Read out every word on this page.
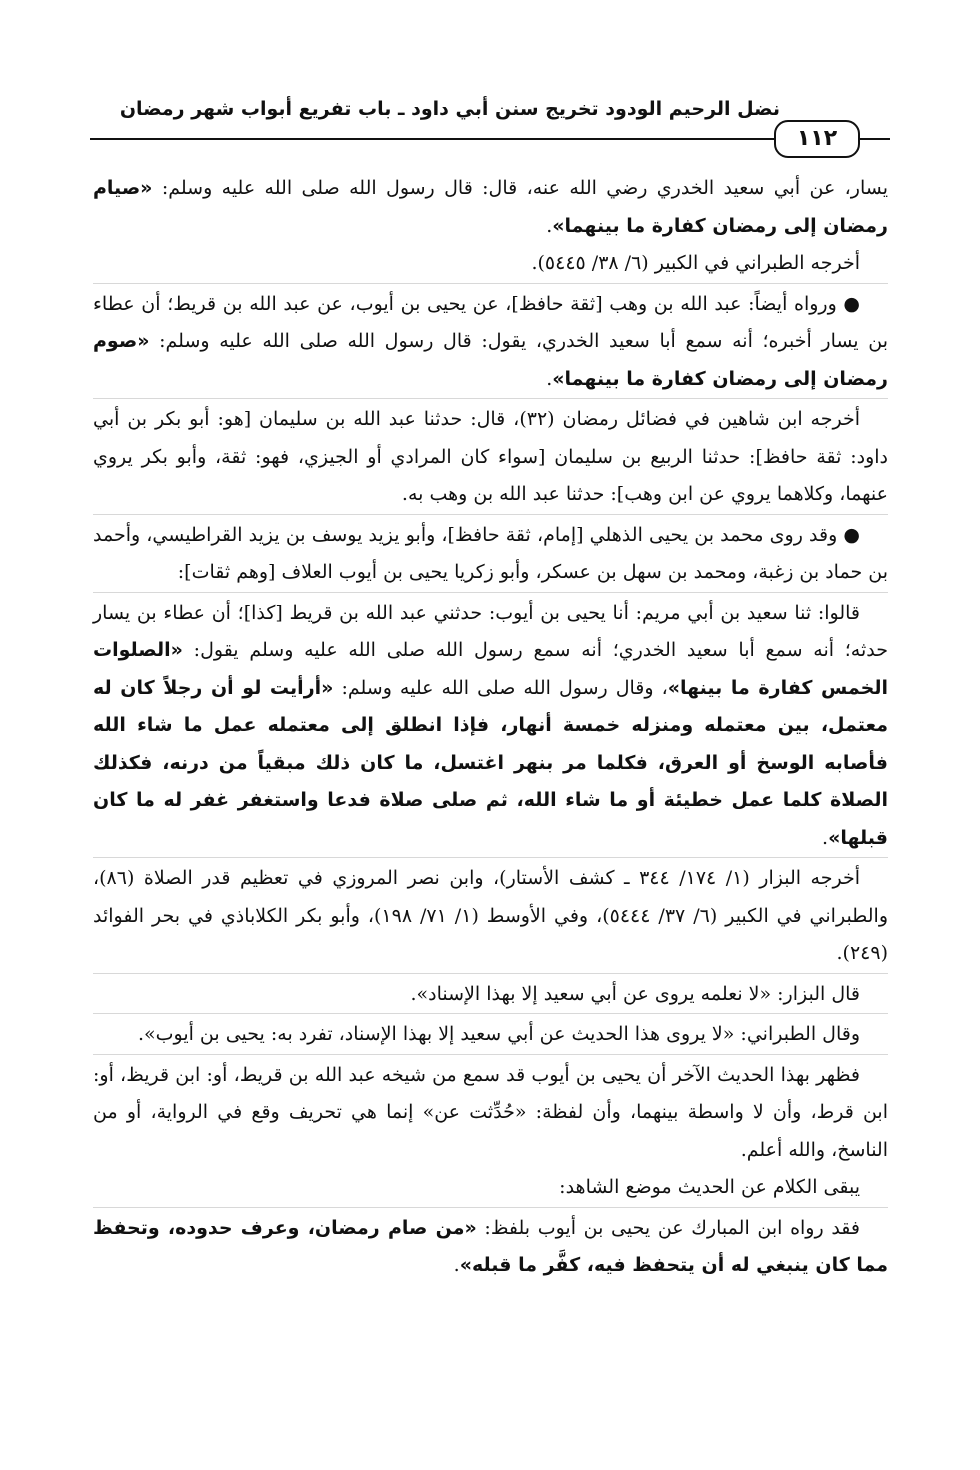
نضل الرحيم الودود تخريج سنن أبي داود ـ باب تفريع أبواب شهر رمضان
١١٢

يسار، عن أبي سعيد الخدري رضي الله عنه، قال: قال رسول الله صلى الله عليه وسلم: «صيام رمضان إلى رمضان كفارة ما بينهما».

أخرجه الطبراني في الكبير (٦/ ٣٨/ ٥٤٤٥).

● ورواه أيضاً: عبد الله بن وهب [ثقة حافظ]، عن يحيى بن أيوب، عن عبد الله بن قريط؛ أن عطاء بن يسار أخبره؛ أنه سمع أبا سعيد الخدري، يقول: قال رسول الله صلى الله عليه وسلم: «صوم رمضان إلى رمضان كفارة ما بينهما».

أخرجه ابن شاهين في فضائل رمضان (٣٢)، قال: حدثنا عبد الله بن سليمان [هو: أبو بكر بن أبي داود: ثقة حافظ]: حدثنا الربيع بن سليمان [سواء كان المرادي أو الجيزي، فهو: ثقة، وأبو بكر يروي عنهما، وكلاهما يروي عن ابن وهب]: حدثنا عبد الله بن وهب به.

● وقد روى محمد بن يحيى الذهلي [إمام، ثقة حافظ]، وأبو يزيد يوسف بن يزيد القراطيسي، وأحمد بن حماد بن زغبة، ومحمد بن سهل بن عسكر، وأبو زكريا يحيى بن أيوب العلاف [وهم ثقات]:

قالوا: ثنا سعيد بن أبي مريم: أنا يحيى بن أيوب: حدثني عبد الله بن قريط [كذا]؛ أن عطاء بن يسار حدثه؛ أنه سمع أبا سعيد الخدري؛ أنه سمع رسول الله صلى الله عليه وسلم يقول: «الصلوات الخمس كفارة ما بينها»، وقال رسول الله صلى الله عليه وسلم: «أرأيت لو أن رجلاً كان له معتمل، بين معتمله ومنزله خمسة أنهار، فإذا انطلق إلى معتمله عمل ما شاء الله فأصابه الوسخ أو العرق، فكلما مر بنهر اغتسل، ما كان ذلك مبقياً من درنه، فكذلك الصلاة كلما عمل خطيئة أو ما شاء الله، ثم صلى صلاة فدعا واستغفر غفر له ما كان قبلها».

أخرجه البزار (١/ ١٧٤/ ٣٤٤ ـ كشف الأستار)، وابن نصر المروزي في تعظيم قدر الصلاة (٨٦)، والطبراني في الكبير (٦/ ٣٧/ ٥٤٤٤)، وفي الأوسط (١/ ٧١/ ١٩٨)، وأبو بكر الكلاباذي في بحر الفوائد (٢٤٩).

قال البزار: «لا نعلمه يروى عن أبي سعيد إلا بهذا الإسناد».

وقال الطبراني: «لا يروى هذا الحديث عن أبي سعيد إلا بهذا الإسناد، تفرد به: يحيى بن أيوب».

فظهر بهذا الحديث الآخر أن يحيى بن أيوب قد سمع من شيخه عبد الله بن قريط، أو: ابن قريظ، أو: ابن قرط، وأن لا واسطة بينهما، وأن لفظة: «حُدِّثت عن» إنما هي تحريف وقع في الرواية، أو من الناسخ، والله أعلم.

يبقى الكلام عن الحديث موضع الشاهد:

فقد رواه ابن المبارك عن يحيى بن أيوب بلفظ: «من صام رمضان، وعرف حدوده، وتحفظ مما كان ينبغي له أن يتحفظ فيه، كفَّر ما قبله».
